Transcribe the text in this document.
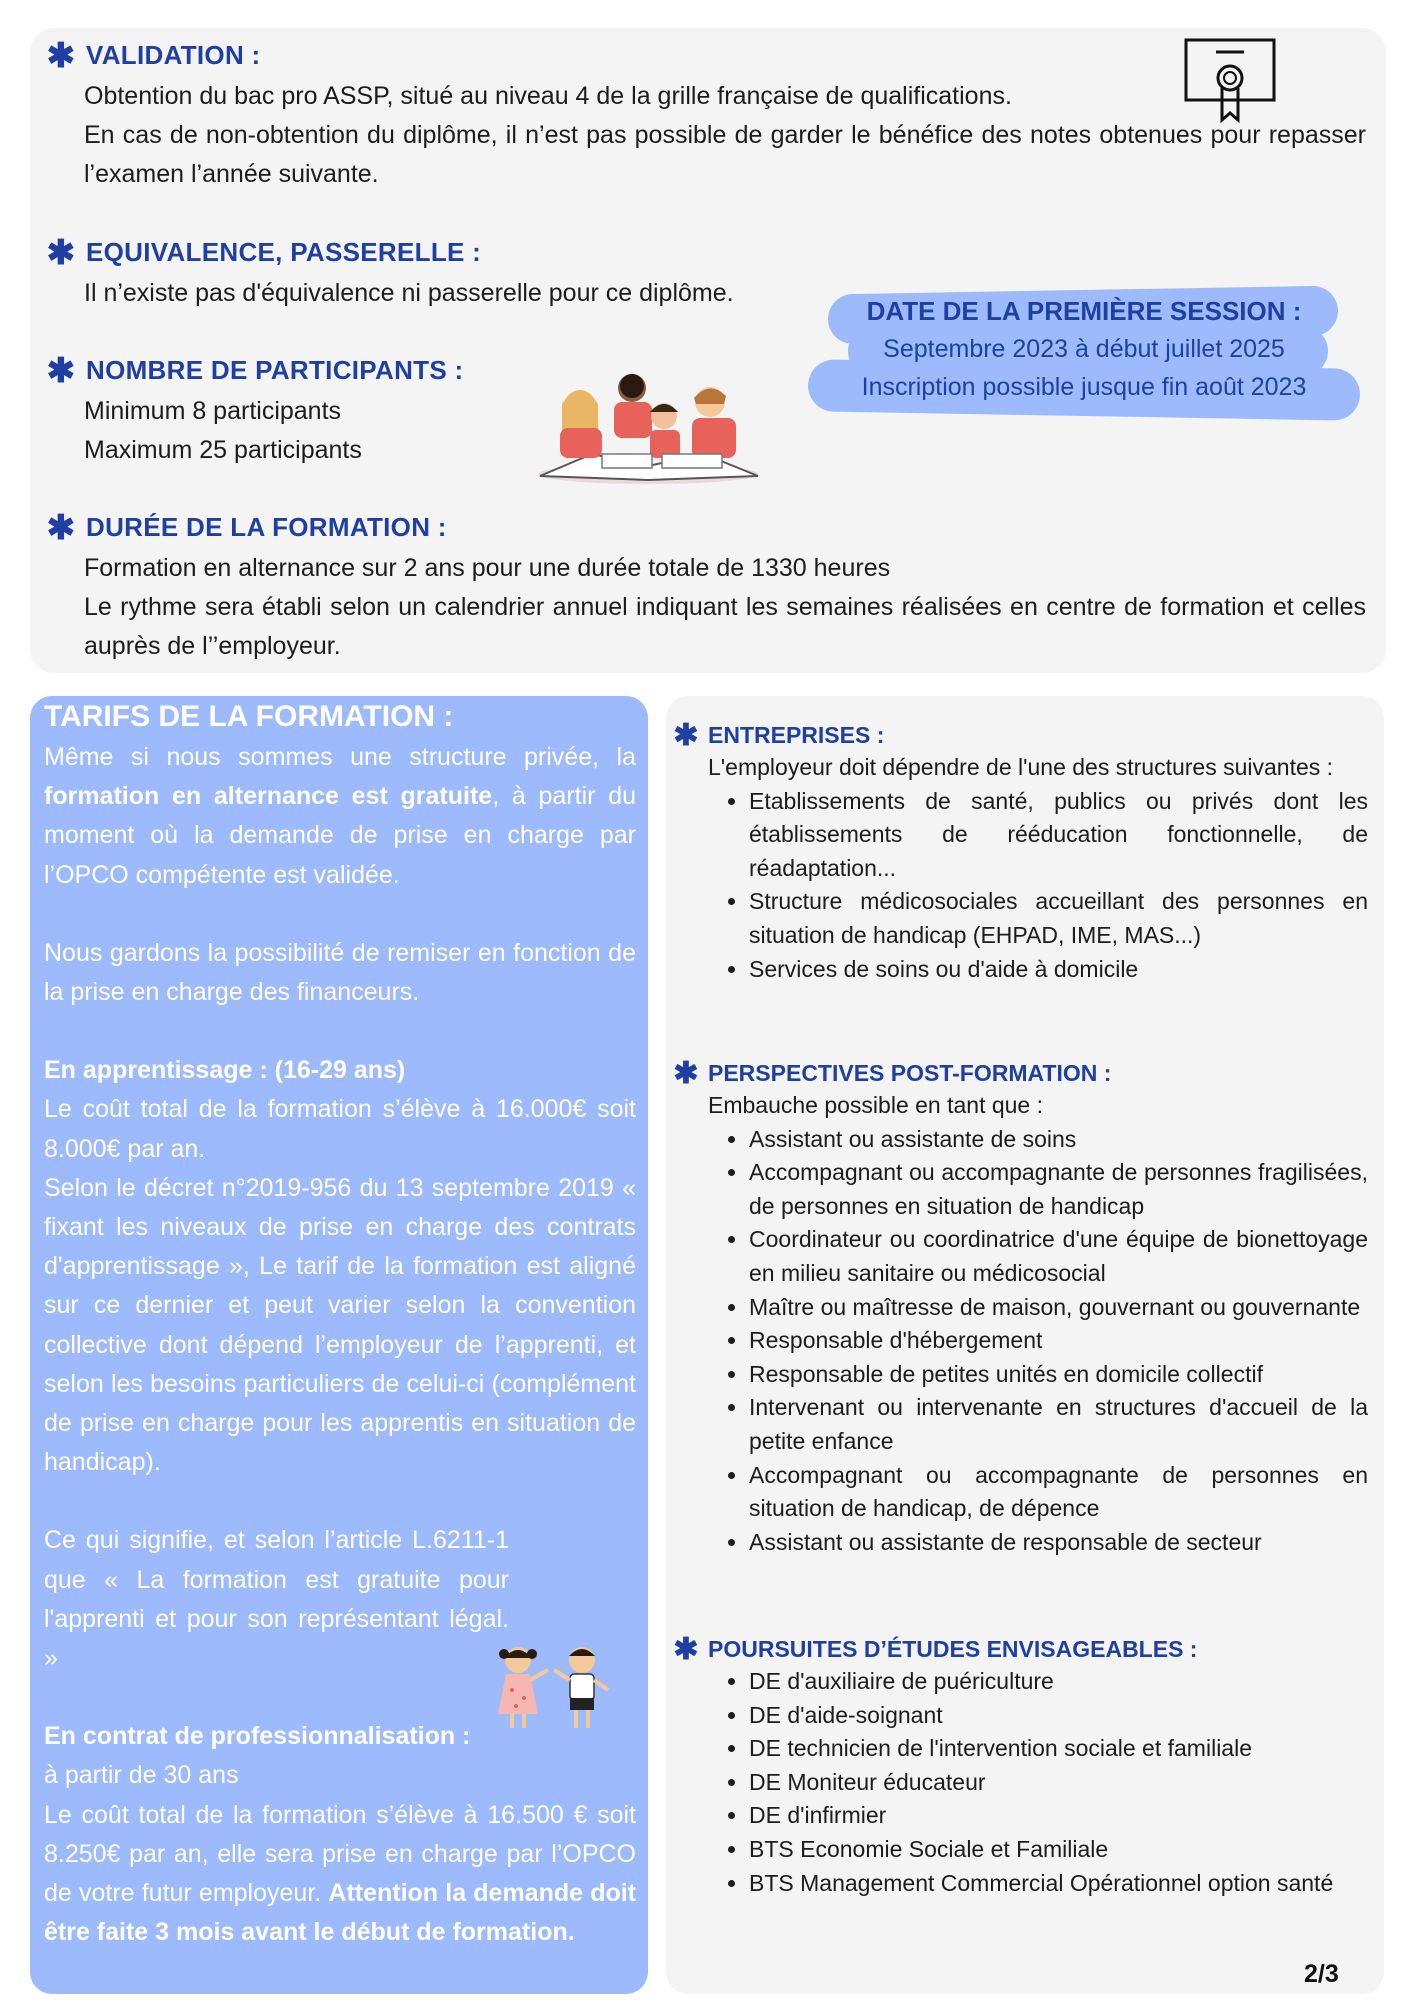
✱ VALIDATION :

Obtention du bac pro ASSP, situé au niveau 4 de la grille française de qualifications.

En cas de non-obtention du diplôme, il n’est pas possible de garder le bénéfice des notes obtenues pour repasser l’examen l’année suivante.

✱ EQUIVALENCE, PASSERELLE :

Il n’existe pas d'équivalence ni passerelle pour ce diplôme.

✱ NOMBRE DE PARTICIPANTS :

Minimum 8 participants

Maximum 25 participants

DATE DE LA PREMIÈRE SESSION :
Septembre 2023 à début juillet 2025
Inscription possible jusque fin août 2023
✱ DURÉE DE LA FORMATION :

Formation en alternance sur 2 ans pour une durée totale de 1330 heures

Le rythme sera établi selon un calendrier annuel indiquant les semaines réalisées en centre de formation et celles auprès de l’’employeur.

TARIFS DE LA FORMATION :

Même si nous sommes une structure privée, la formation en alternance est gratuite, à partir du moment où la demande de prise en charge par l’OPCO compétente est validée.

Nous gardons la possibilité de remiser en fonction de la prise en charge des financeurs.

En apprentissage : (16-29 ans)

Le coût total de la formation s’élève à 16.000€ soit 8.000€ par an.

Selon le décret n°2019-956 du 13 septembre 2019 « fixant les niveaux de prise en charge des contrats d'apprentissage », Le tarif de la formation est aligné sur ce dernier et peut varier selon la convention collective dont dépend l’employeur de l’apprenti, et selon les besoins particuliers de celui-ci (complément de prise en charge pour les apprentis en situation de handicap).

Ce qui signifie, et selon l’article L.6211-1 que « La formation est gratuite pour l'apprenti et pour son représentant légal. »

En contrat de professionnalisation :

à partir de 30 ans

Le coût total de la formation s’élève à 16.500 € soit 8.250€ par an, elle sera prise en charge par l’OPCO de votre futur employeur. Attention la demande doit être faite 3 mois avant le début de formation.

✱ ENTREPRISES :

L'employeur doit dépendre de l'une des structures suivantes :

• Etablissements de santé, publics ou privés dont les établissements de rééducation fonctionnelle, de réadaptation...
• Structure médicosociales accueillant des personnes en situation de handicap (EHPAD, IME, MAS...)
• Services de soins ou d'aide à domicile
✱ PERSPECTIVES POST-FORMATION :

Embauche possible en tant que :

• Assistant ou assistante de soins
• Accompagnant ou accompagnante de personnes fragilisées, de personnes en situation de handicap
• Coordinateur ou coordinatrice d'une équipe de bionettoyage en milieu sanitaire ou médicosocial
• Maître ou maîtresse de maison, gouvernant ou gouvernante
• Responsable d'hébergement
• Responsable de petites unités en domicile collectif
• Intervenant ou intervenante en structures d'accueil de la petite enfance
• Accompagnant ou accompagnante de personnes en situation de handicap, de dépence
• Assistant ou assistante de responsable de secteur
✱ POURSUITES D’ÉTUDES ENVISAGEABLES :
• DE d'auxiliaire de puériculture
• DE d'aide-soignant
• DE technicien de l'intervention sociale et familiale
• DE Moniteur éducateur
• DE d'infirmier
• BTS Economie Sociale et Familiale
• BTS Management Commercial Opérationnel option santé
2/3
